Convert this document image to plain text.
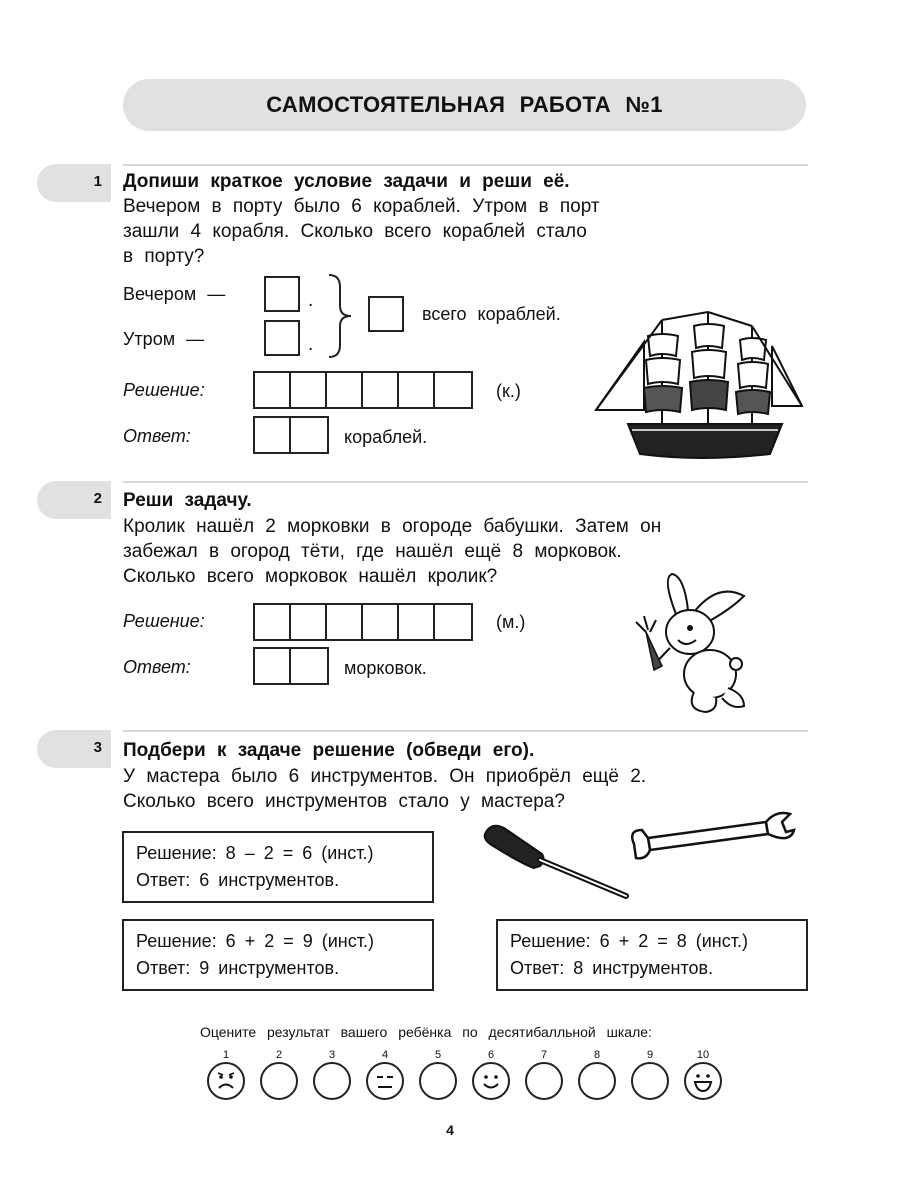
САМОСТОЯТЕЛЬНАЯ РАБОТА №1
1 Допиши краткое условие задачи и реши её.
Вечером в порту было 6 кораблей. Утром в порт
зашли 4 корабля. Сколько всего кораблей стало
в порту?
Вечером —	.
Утром —	.
всего кораблей.
Решение:	(к.)
Ответ:	кораблей.
2 Реши задачу.
Кролик нашёл 2 морковки в огороде бабушки. Затем он
забежал в огород тёти, где нашёл ещё 8 морковок.
Сколько всего морковок нашёл кролик?
Решение:	(м.)
Ответ:	морковок.
3 Подбери к задаче решение (обведи его).
У мастера было 6 инструментов. Он приобрёл ещё 2.
Сколько всего инструментов стало у мастера?
Решение: 8 – 2 = 6 (инст.)
Ответ: 6 инструментов.
Решение: 6 + 2 = 9 (инст.)
Ответ: 9 инструментов.
Решение: 6 + 2 = 8 (инст.)
Ответ: 8 инструментов.
Оцените результат вашего ребёнка по десятибалльной шкале:
1	2	3	4	5	6	7	8	9	10
4
